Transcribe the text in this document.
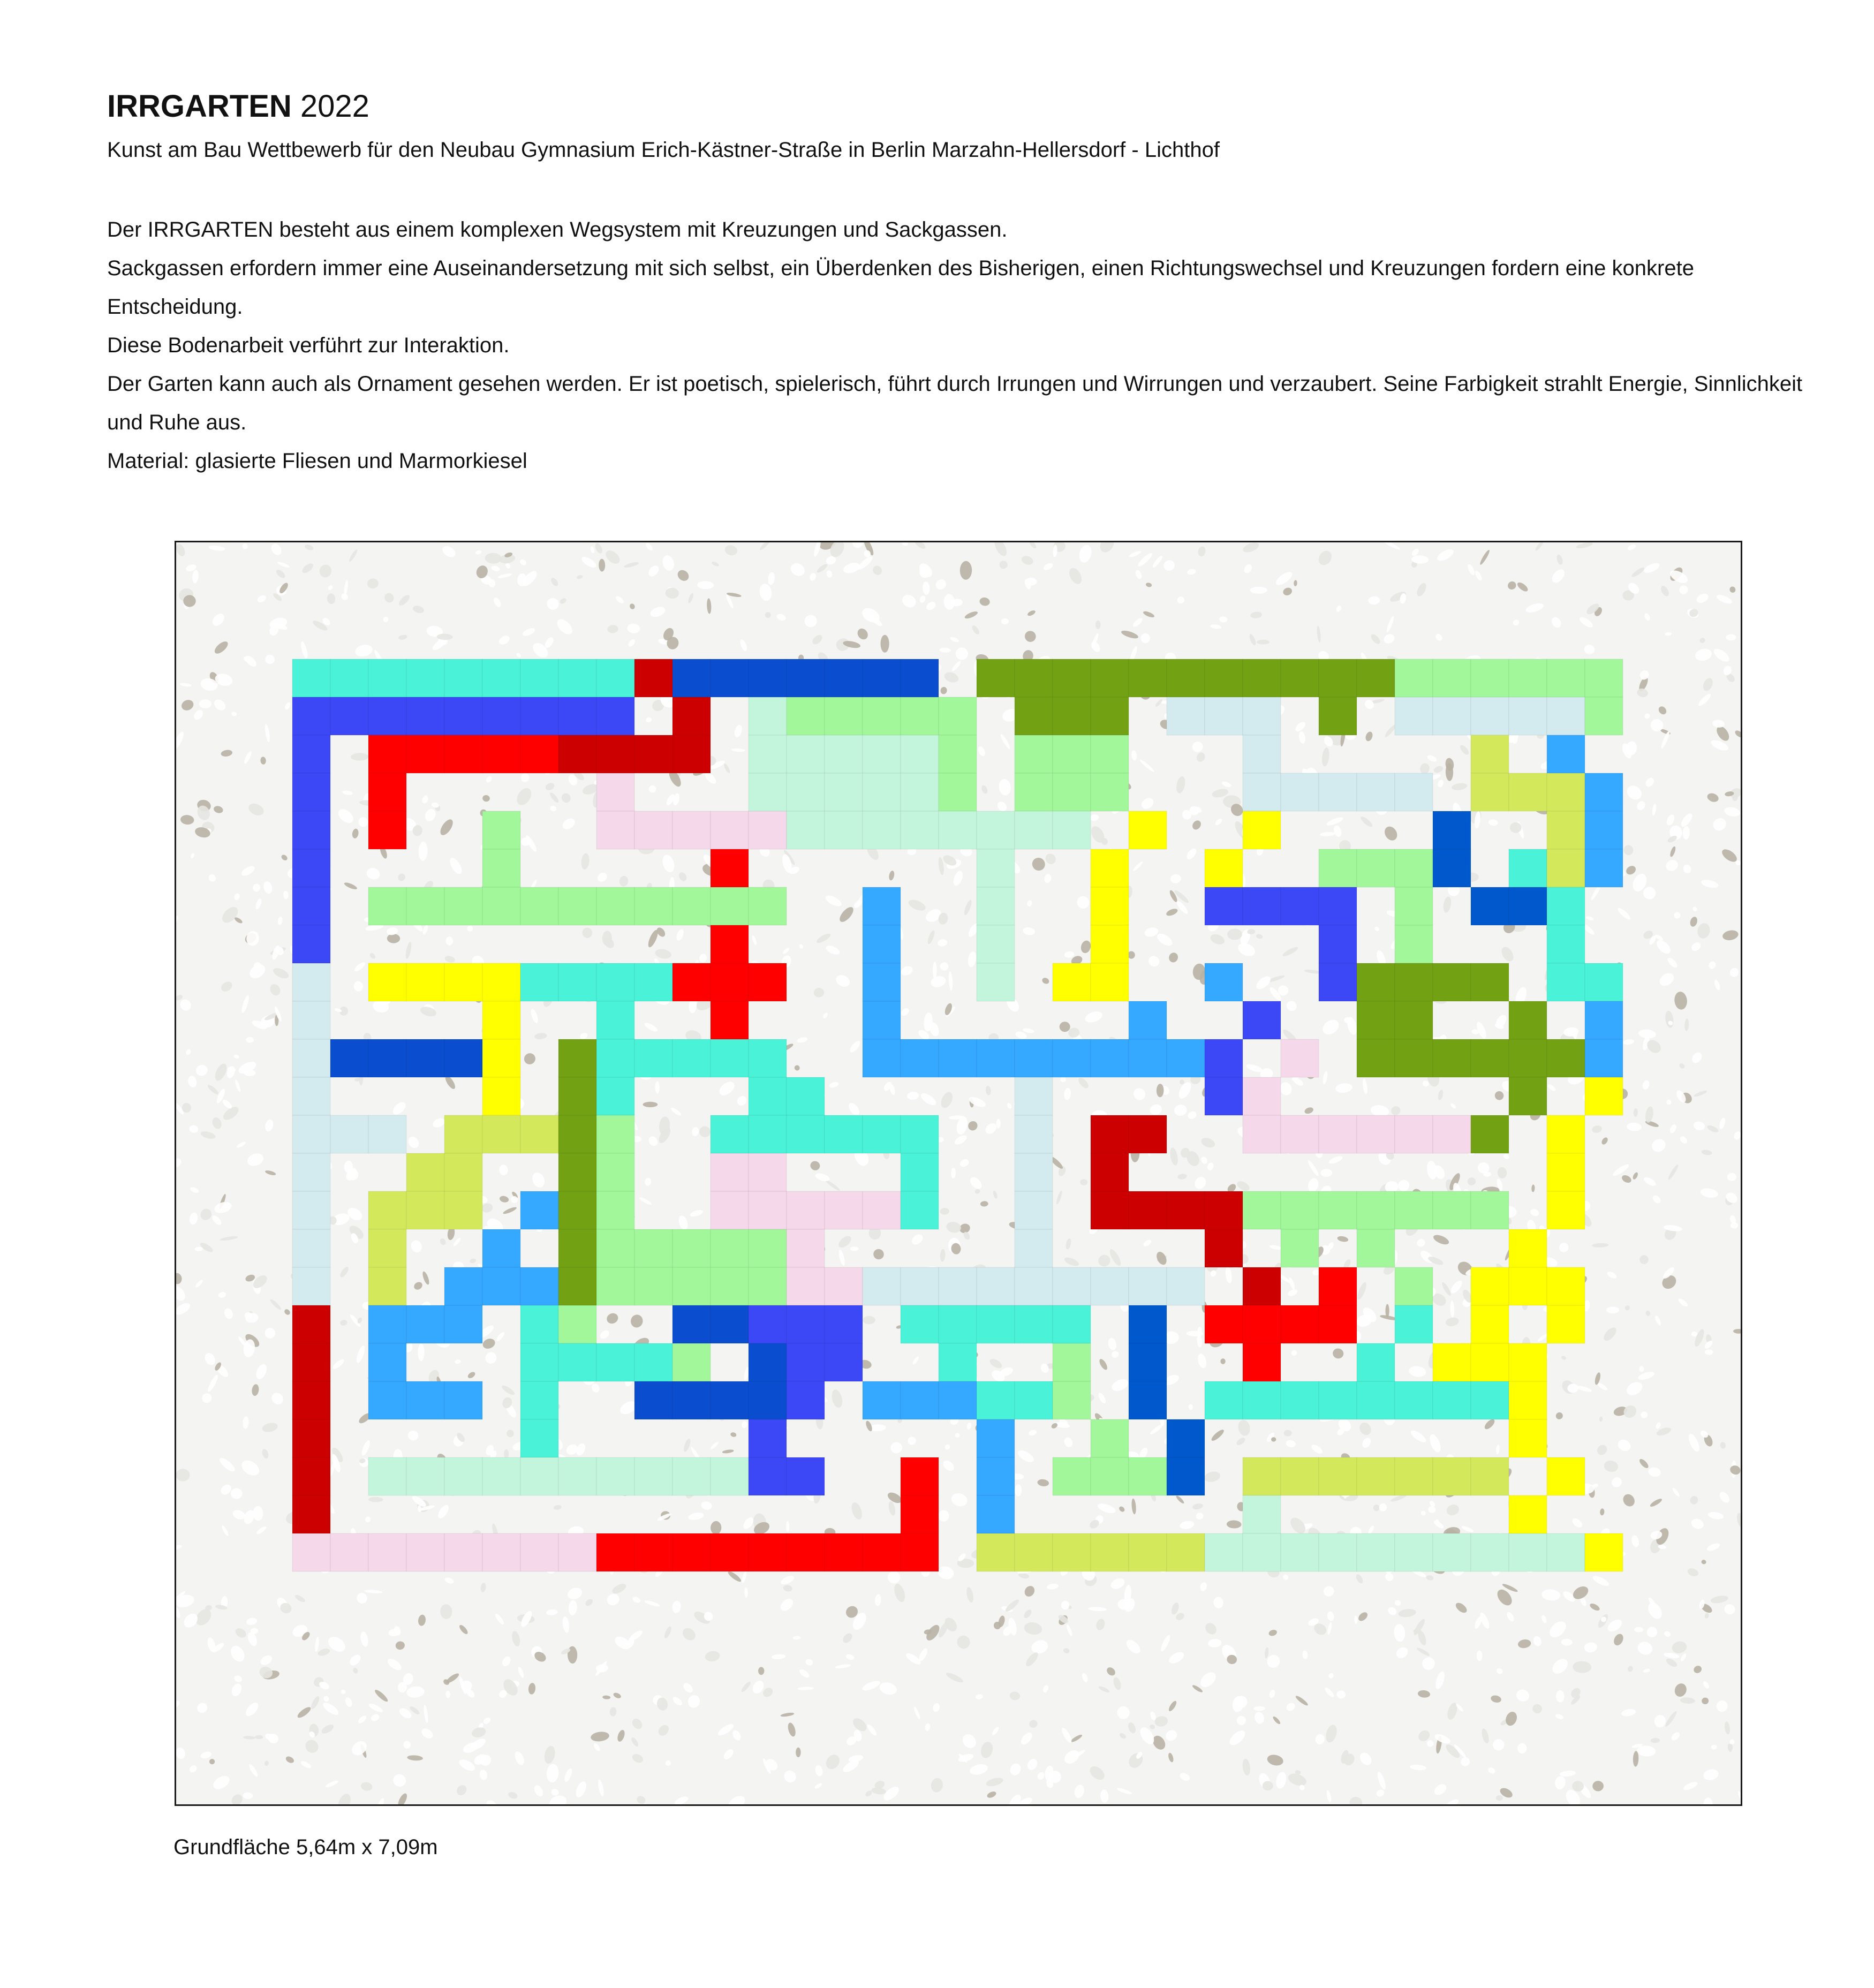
IRRGARTEN 2022
Kunst am Bau Wettbewerb für den Neubau Gymnasium Erich-Kästner-Straße in Berlin Marzahn-Hellersdorf - Lichthof

Der IRRGARTEN besteht aus einem komplexen Wegsystem mit Kreuzungen und Sackgassen.

Sackgassen erfordern immer eine Auseinandersetzung mit sich selbst, ein Überdenken des Bisherigen, einen Richtungswechsel und Kreuzungen fordern eine konkrete Entscheidung.

Diese Bodenarbeit verführt zur Interaktion.

Der Garten kann auch als Ornament gesehen werden. Er ist poetisch, spielerisch, führt durch Irrungen und Wirrungen und verzaubert. Seine Farbigkeit strahlt Energie, Sinnlichkeit und Ruhe aus.

Material: glasierte Fliesen und Marmorkiesel

Grundfläche 5,64m x 7,09m
